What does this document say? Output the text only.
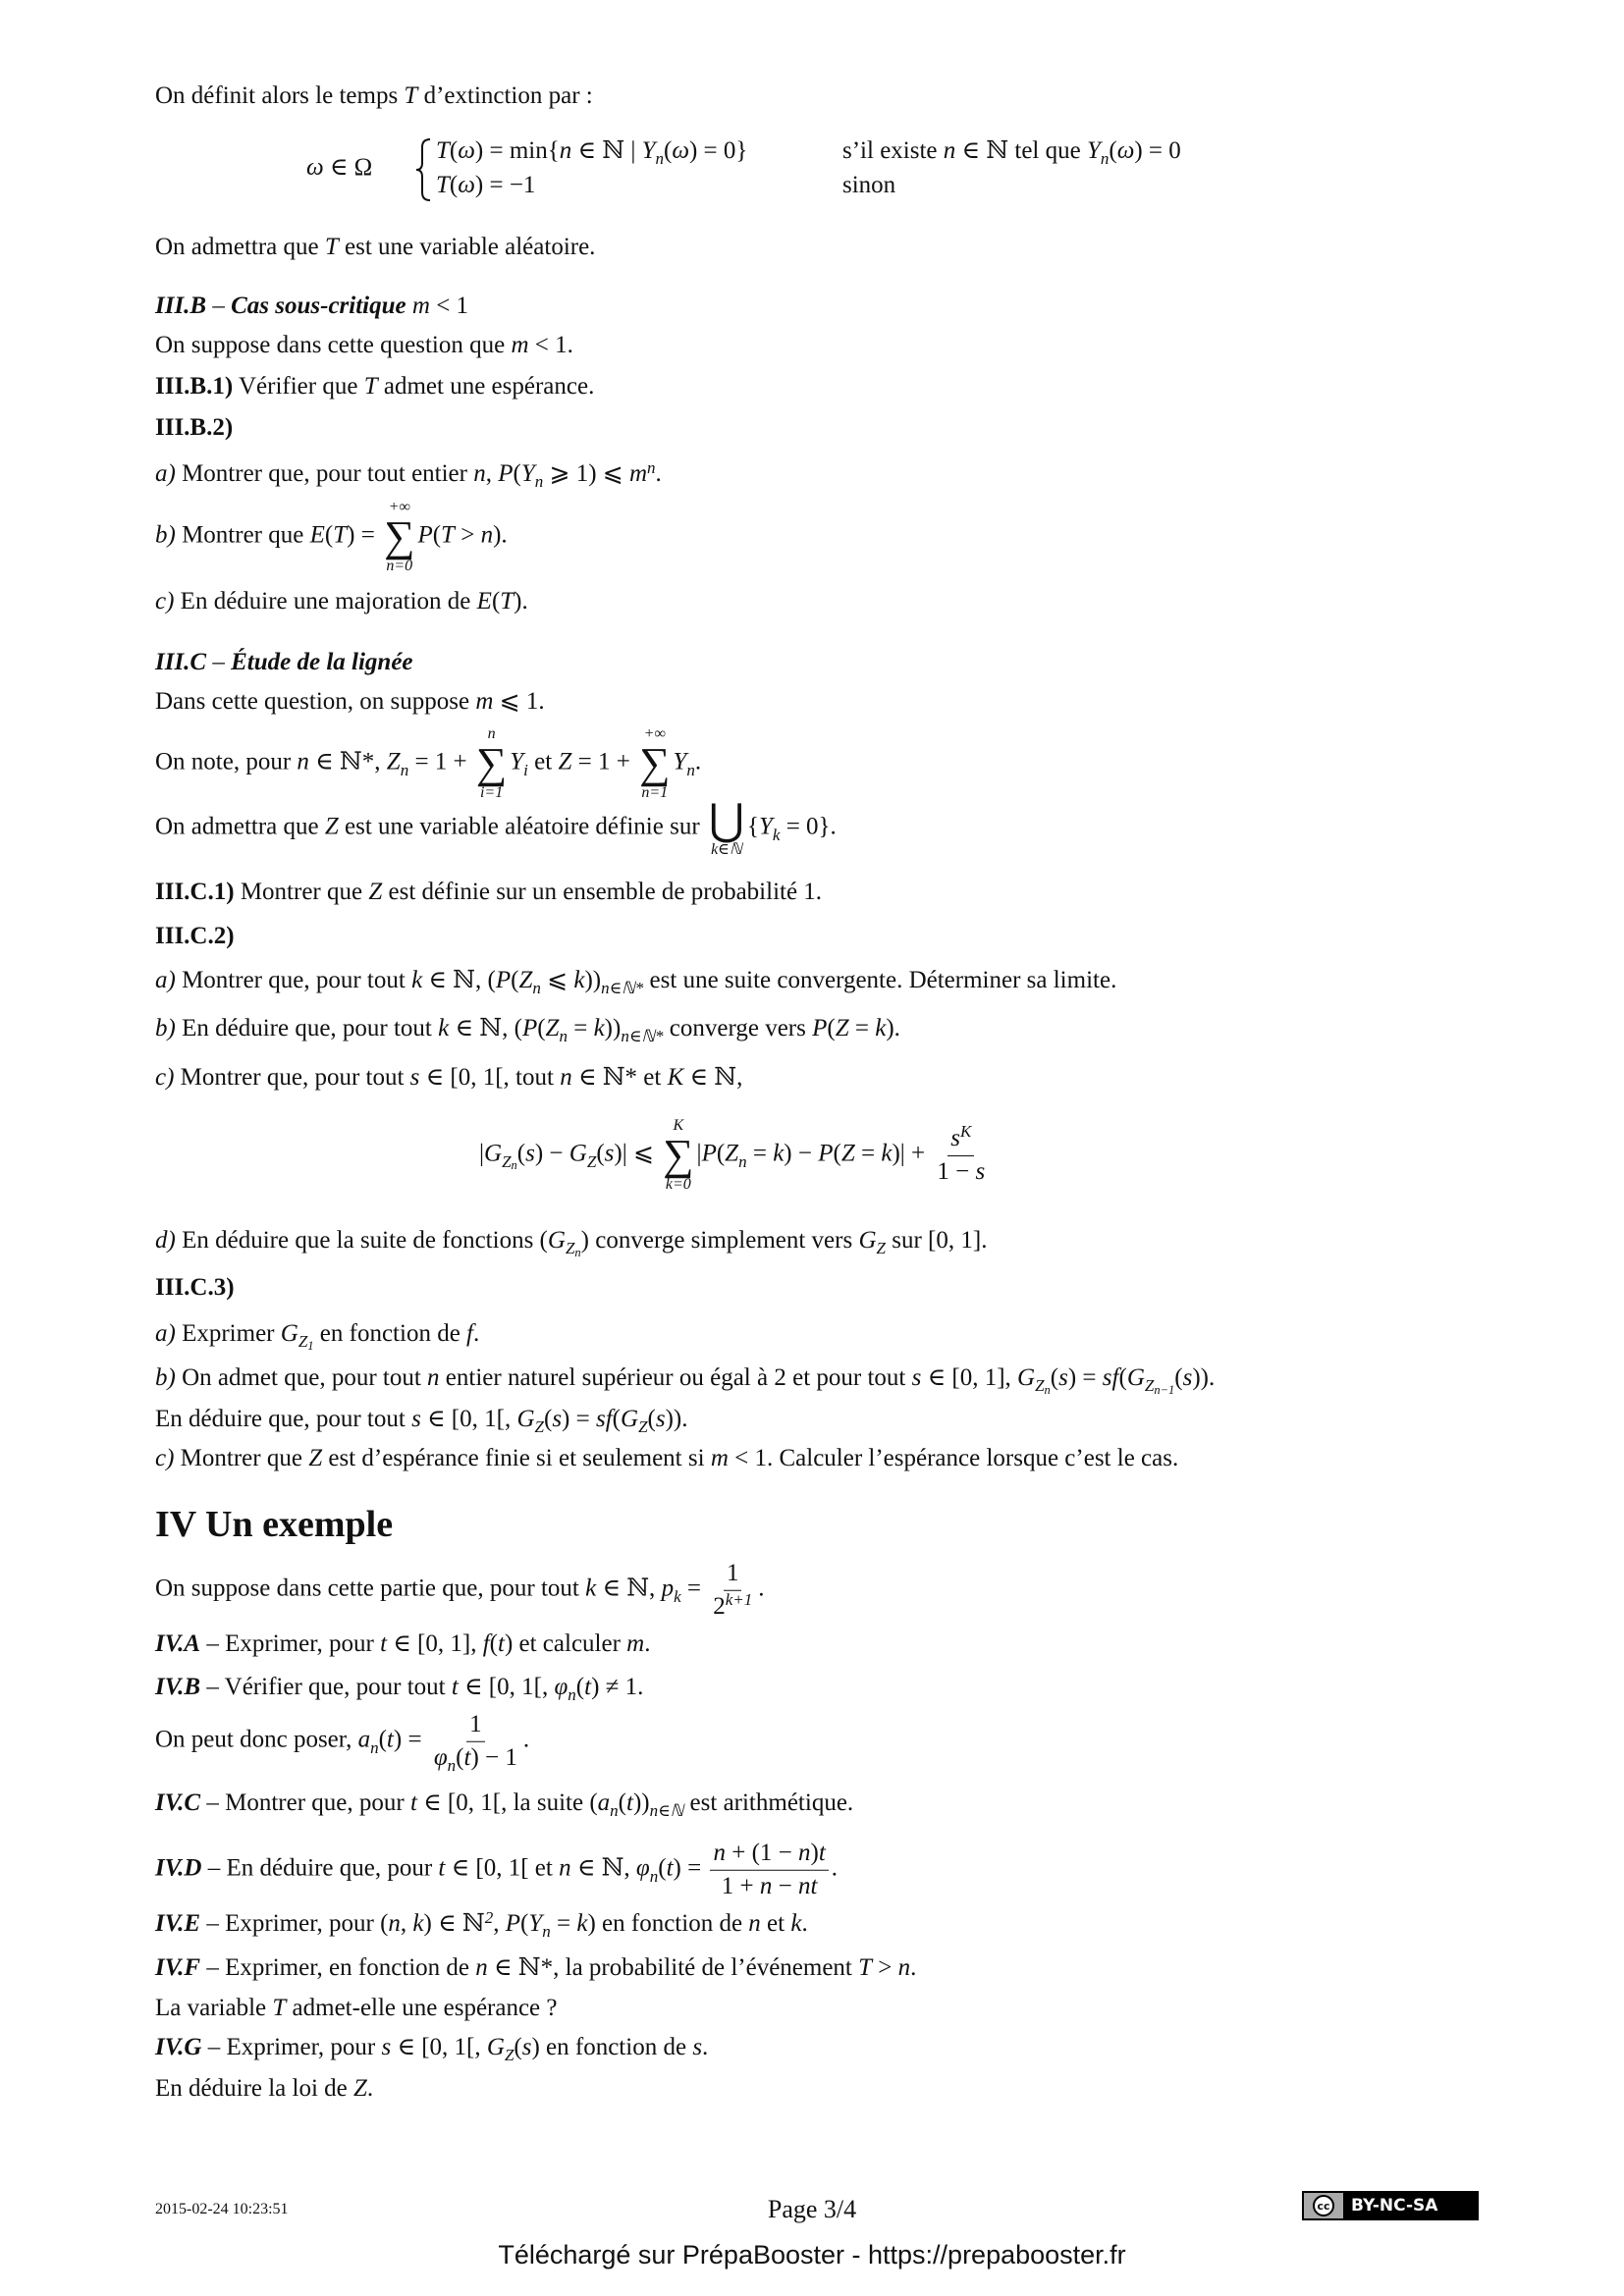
On définit alors le temps T d’extinction par :
ω ∈ Ω
T(ω) = min{n ∈ ℕ | $Y_n(\omega) = 0$}	s’il existe n ∈ ℕ tel que $Y_n(\omega) = 0$
T(ω) = −1	sinon
On admettra que T est une variable aléatoire.
III.B – Cas sous-critique m < 1
On suppose dans cette question que m < 1.
III.B.1) Vérifier que T admet une espérance.
III.B.2)
a) Montrer que, pour tout entier n, $P(Y_n$ ⩾ 1) ⩽ $m^n$.
b) Montrer que E(T) =
+∞
∑
n=0
P(T > n).
c) En déduire une majoration de E(T).
III.C – Étude de la lignée
Dans cette question, on suppose m ⩽ 1.
On note, pour n ∈ ℕ*, $Z_n = 1$ +
n
∑
i=1
$Y_i$ et Z = 1 +
+∞
∑
n=1
$Y_n$.
On admettra que Z est une variable aléatoire définie sur ⋃
k∈ℕ
$\{Y_k = 0\}$.
III.C.1) Montrer que Z est définie sur un ensemble de probabilité 1.
III.C.2)
a) Montrer que, pour tout k ∈ ℕ, ($P(Z_n$ ⩽ $k))_{n\in ℕ*}$ est une suite convergente. Déterminer sa limite.
b) En déduire que, pour tout k ∈ ℕ, $(P(Z_n = k))_{n\in ℕ*}$ converge vers P(Z = k).
c) Montrer que, pour tout s ∈ [0, 1[, tout n ∈ ℕ* et K ∈ ℕ,
$|G_{Zn}(s) - G_Z(s)|$ ⩽
K
∑
k=0
$|P(Z_n = k) - P(Z = k)| + \frac{s^K}{1 - s}$
d) En déduire que la suite de fonctions $(G_{Zn})$ converge simplement vers $G_Z$ sur [0, 1].
III.C.3)
a) Exprimer $G_{Z1}$ en fonction de f.
b) On admet que, pour tout n entier naturel supérieur ou égal à 2 et pour tout s ∈ [0, 1], $G_{Zn}(s) = sf(G_{Zn-1}(s))$.
En déduire que, pour tout s ∈ [0, 1[, $G_Z(s) = sf(G_Z(s))$.
c) Montrer que Z est d’espérance finie si et seulement si m < 1. Calculer l’espérance lorsque c’est le cas.
IV Un exemple
On suppose dans cette partie que, pour tout k ∈ ℕ, $p_k = \frac{1}{2^{k+1}}$ .
IV.A – Exprimer, pour t ∈ [0, 1], f(t) et calculer m.
IV.B – Vérifier que, pour tout t ∈ [0, 1[, $\varphi_n(t) \ne 1$.
On peut donc poser, $a_n(t) = \frac{1}{\varphi_n(t) - 1}$ .
IV.C – Montrer que, pour t ∈ [0, 1[, la suite $(a_n(t))_{n\in ℕ}$ est arithmétique.
IV.D – En déduire que, pour t ∈ [0, 1[ et n ∈ ℕ, $\varphi_n(t) = \frac{n + (1 - n)t}{1 + n - nt}$ .
IV.E – Exprimer, pour (n, k) ∈ ℕ$^2$, $P(Y_n = k)$ en fonction de n et k.
IV.F – Exprimer, en fonction de n ∈ ℕ*, la probabilité de l’événement T > n.
La variable T admet-elle une espérance ?
IV.G – Exprimer, pour s ∈ [0, 1[, $G_Z(s)$ en fonction de s.
En déduire la loi de Z.
2015-02-24 10:23:51	Page 3/4	cc	BY-NC-SA
Téléchargé sur PrépaBooster - https://prepabooster.fr
